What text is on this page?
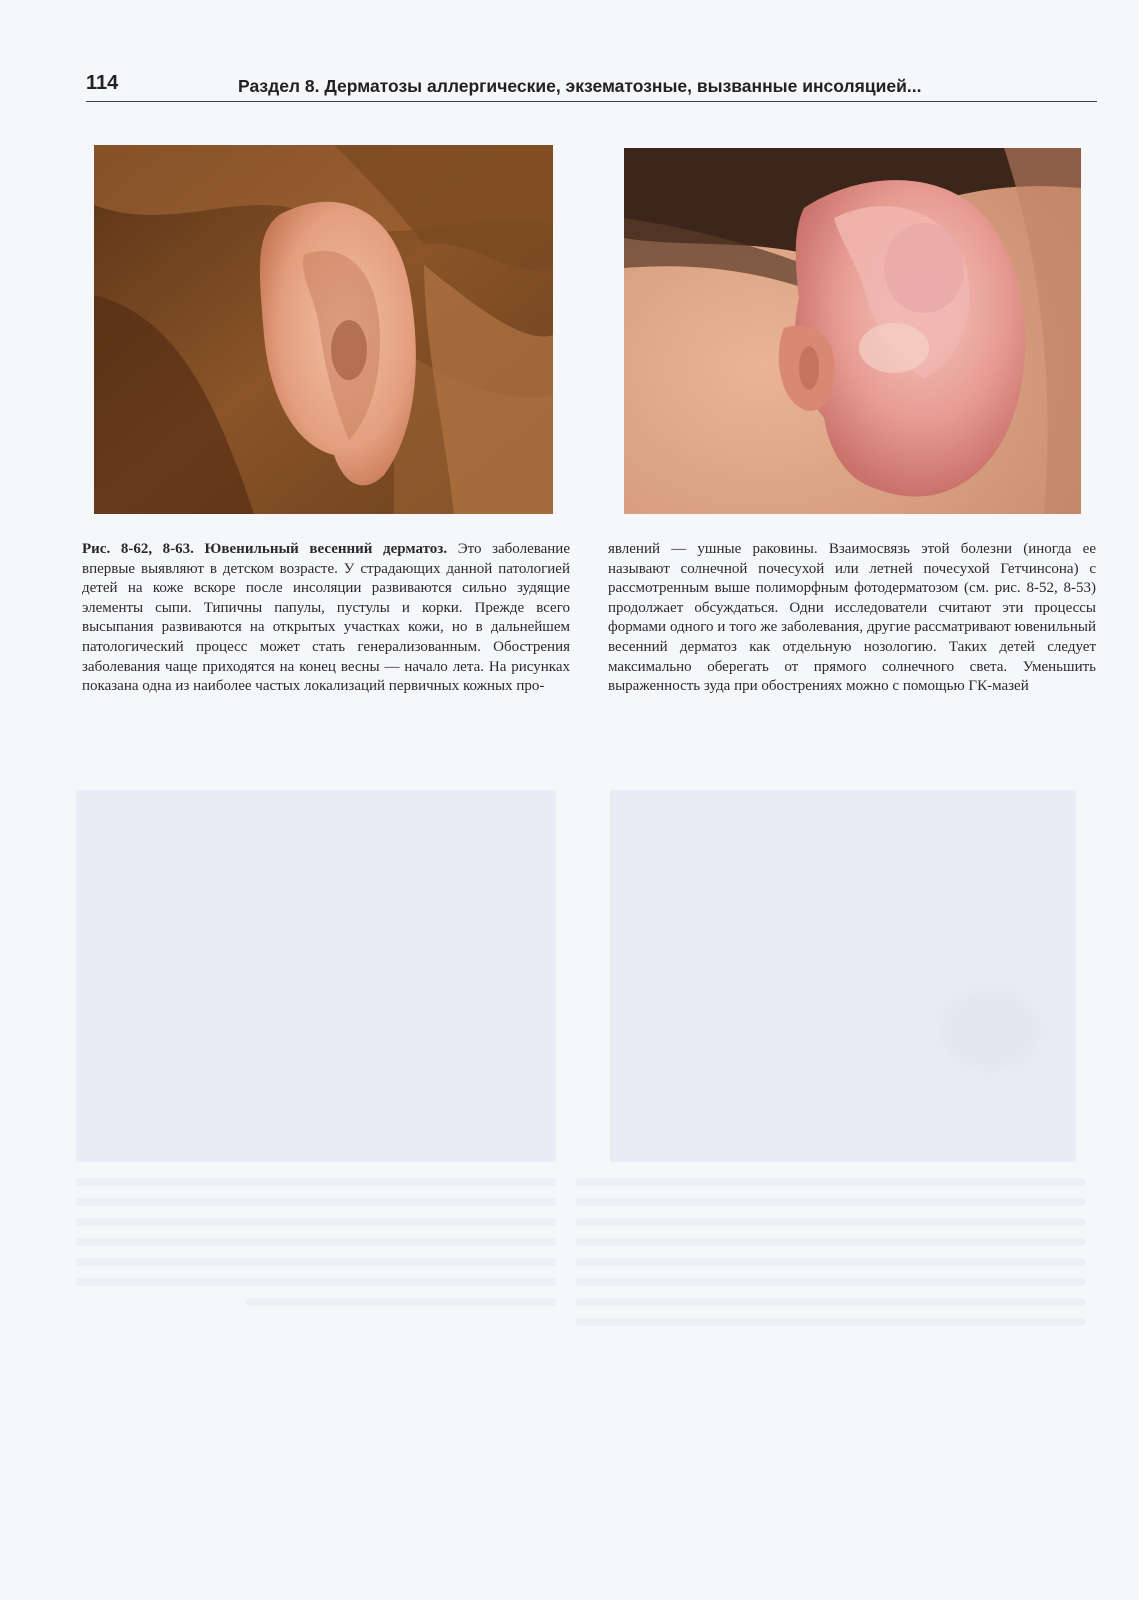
114	Раздел 8. Дерматозы аллергические, экзематозные, вызванные инсоляцией...
Рис. 8-62, 8-63. Ювенильный весенний дерматоз. Это заболевание впервые выявляют в детском возрасте. У страдающих данной патологией детей на коже вскоре после инсоляции развиваются сильно зудящие элементы сыпи. Типичны папулы, пустулы и корки. Прежде всего высыпания развиваются на открытых участках кожи, но в дальнейшем патологический процесс может стать генерализованным. Обострения заболевания чаще приходятся на конец весны — начало лета. На рисунках показана одна из наиболее частых локализаций первичных кожных про-
явлений — ушные раковины. Взаимосвязь этой болезни (иногда ее называют солнечной почесухой или летней почесухой Гетчинсона) с рассмотренным выше полиморфным фотодерматозом (см. рис. 8-52, 8-53) продолжает обсуждаться. Одни исследователи считают эти процессы формами одного и того же заболевания, другие рассматривают ювенильный весенний дерматоз как отдельную нозологию. Таких детей следует максимально оберегать от прямого солнечного света. Уменьшить выраженность зуда при обострениях можно с помощью ГК-мазей
